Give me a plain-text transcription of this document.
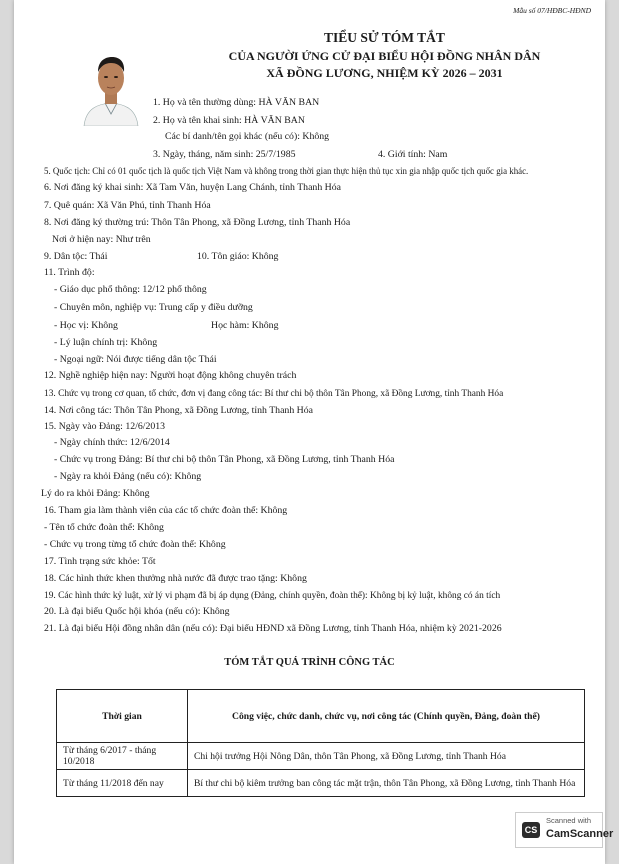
Mẫu số 07/HĐBC-HĐND
TIỂU SỬ TÓM TẮT
CỦA NGƯỜI ỨNG CỬ ĐẠI BIỂU HỘI ĐỒNG NHÂN DÂN
XÃ ĐỒNG LƯƠNG, NHIỆM KỲ 2026 – 2031
1. Họ và tên thường dùng: HÀ VĂN BAN
2. Họ và tên khai sinh: HÀ VĂN BAN
Các bí danh/tên gọi khác (nếu có): Không
3. Ngày, tháng, năm sinh: 25/7/1985	4. Giới tính: Nam
5. Quốc tịch: Chỉ có 01 quốc tịch là quốc tịch Việt Nam và không trong thời gian thực hiện thủ tục xin gia nhập quốc tịch quốc gia khác.
6. Nơi đăng ký khai sinh: Xã Tam Văn, huyện Lang Chánh, tỉnh Thanh Hóa
7. Quê quán: Xã Văn Phú, tỉnh Thanh Hóa
8. Nơi đăng ký thường trú: Thôn Tân Phong, xã Đồng Lương, tỉnh Thanh Hóa
Nơi ở hiện nay: Như trên
9. Dân tộc: Thái	10. Tôn giáo: Không
11. Trình độ:
- Giáo dục phổ thông: 12/12 phổ thông
- Chuyên môn, nghiệp vụ: Trung cấp y điều dưỡng
- Học vị: Không	Học hàm: Không
- Lý luận chính trị: Không
- Ngoại ngữ: Nói được tiếng dân tộc Thái
12. Nghề nghiệp hiện nay: Người hoạt động không chuyên trách
13. Chức vụ trong cơ quan, tổ chức, đơn vị đang công tác: Bí thư chi bộ thôn Tân Phong, xã Đồng Lương, tỉnh Thanh Hóa
14. Nơi công tác: Thôn Tân Phong, xã Đồng Lương, tỉnh Thanh Hóa
15. Ngày vào Đảng: 12/6/2013
- Ngày chính thức: 12/6/2014
- Chức vụ trong Đảng: Bí thư chi bộ thôn Tân Phong, xã Đồng Lương, tỉnh Thanh Hóa
- Ngày ra khỏi Đảng (nếu có): Không
Lý do ra khỏi Đảng: Không
16. Tham gia làm thành viên của các tổ chức đoàn thể: Không
- Tên tổ chức đoàn thể: Không
- Chức vụ trong từng tổ chức đoàn thể: Không
17. Tình trạng sức khỏe: Tốt
18. Các hình thức khen thưởng nhà nước đã được trao tặng: Không
19. Các hình thức kỷ luật, xử lý vi phạm đã bị áp dụng (Đảng, chính quyền, đoàn thể): Không bị kỷ luật, không có án tích
20. Là đại biểu Quốc hội khóa (nếu có): Không
21. Là đại biểu Hội đồng nhân dân (nếu có): Đại biểu HĐND xã Đồng Lương, tỉnh Thanh Hóa, nhiệm kỳ 2021-2026
TÓM TẮT QUÁ TRÌNH CÔNG TÁC
Thời gian	Công việc, chức danh, chức vụ, nơi công tác (Chính quyền, Đảng, đoàn thể)
Từ tháng 6/2017 - tháng 10/2018	Chi hội trưởng Hội Nông Dân, thôn Tân Phong, xã Đồng Lương, tỉnh Thanh Hóa
Từ tháng 11/2018 đến nay	Bí thư chi bộ kiêm trưởng ban công tác mặt trận, thôn Tân Phong, xã Đồng Lương, tỉnh Thanh Hóa
CS
Scanned with
CamScanner
